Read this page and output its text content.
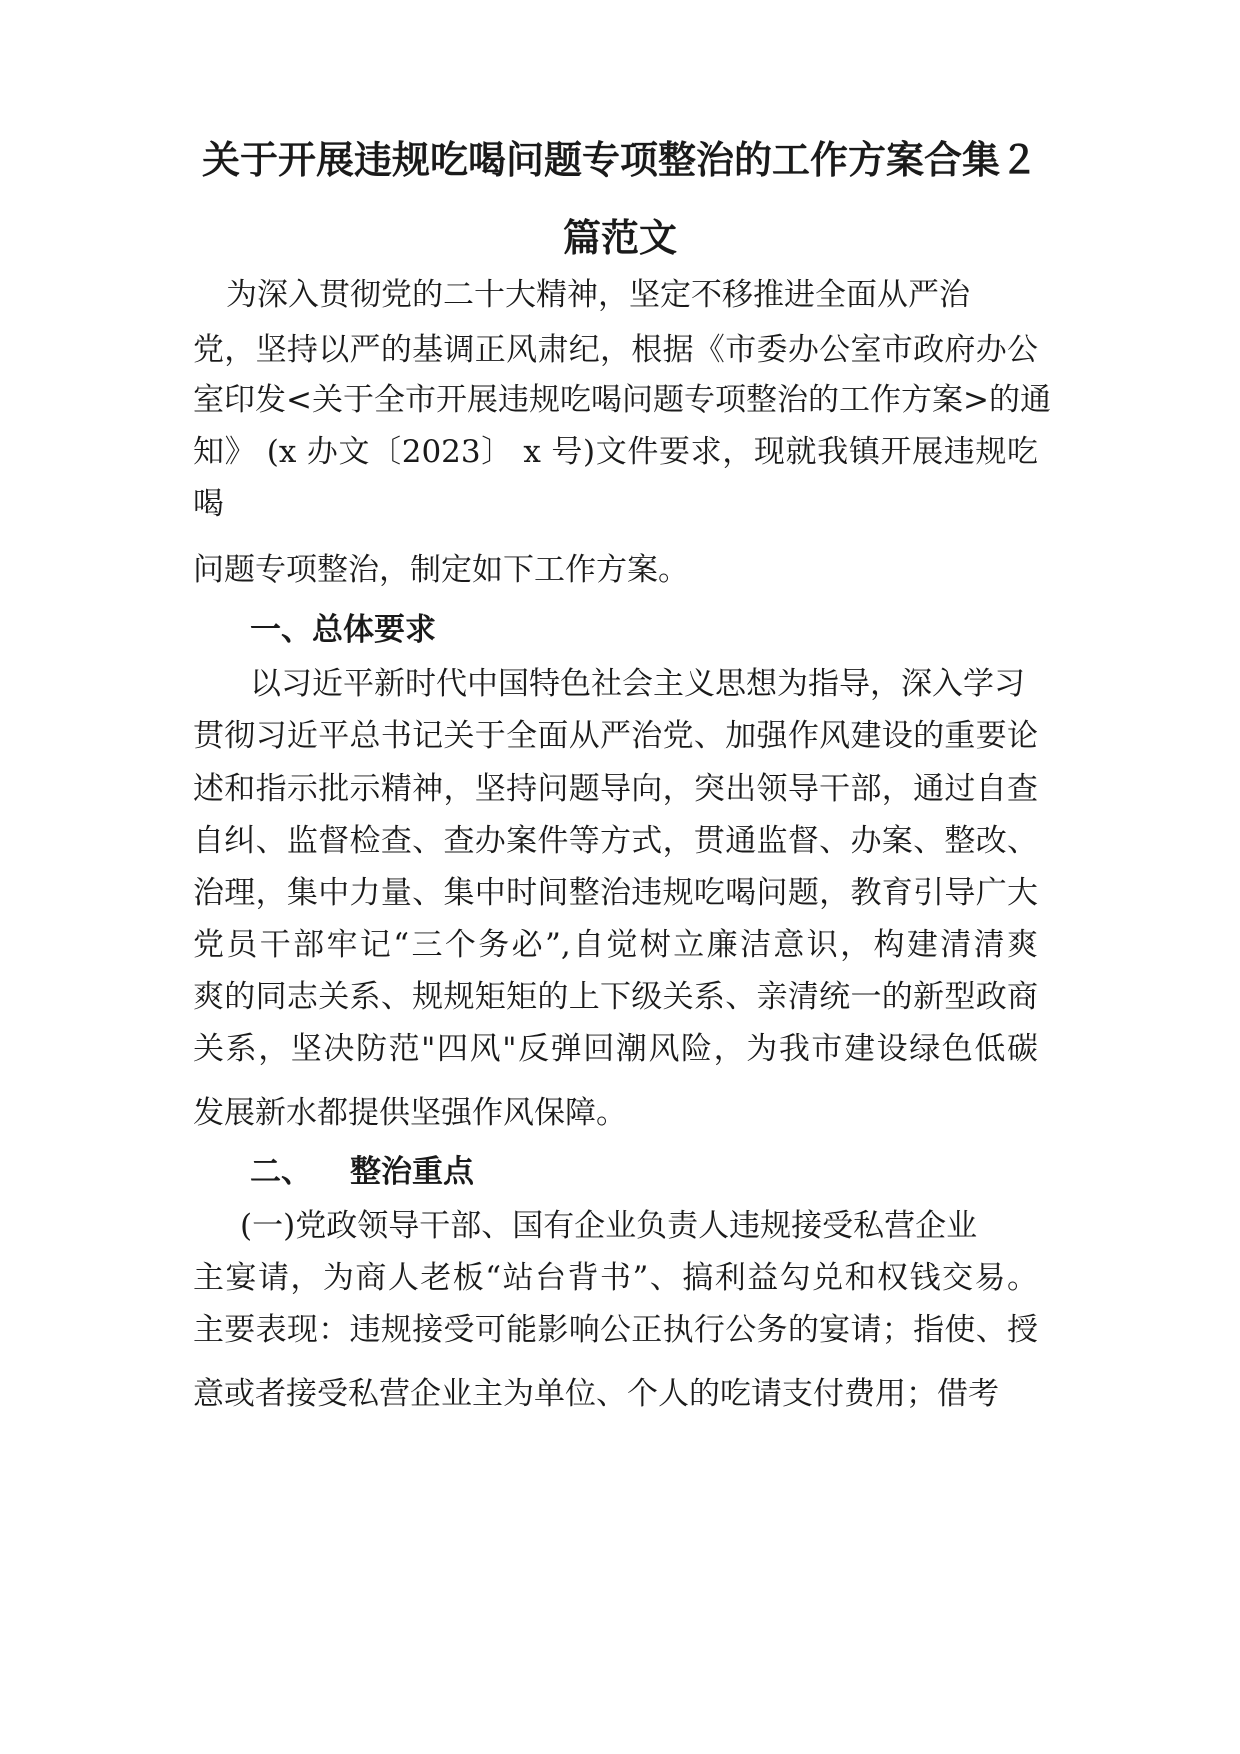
关于开展违规吃喝问题专项整治的工作方案合集２
篇范文
为深入贯彻党的二十大精神，坚定不移推进全面从严治
党，坚持以严的基调正风肃纪，根据《市委办公室市政府办公
室印发<关于全市开展违规吃喝问题专项整治的工作方案>的通
知》 (x 办文〔2023〕 x 号)文件要求，现就我镇开展违规吃
喝
问题专项整治，制定如下工作方案。
一、总体要求
以习近平新时代中国特色社会主义思想为指导，深入学习
贯彻习近平总书记关于全面从严治党、加强作风建设的重要论
述和指示批示精神，坚持问题导向，突出领导干部，通过自查
自纠、监督检查、查办案件等方式，贯通监督、办案、整改、
治理，集中力量、集中时间整治违规吃喝问题，教育引导广大
党员干部牢记“三个务必”,自觉树立廉洁意识，构建清清爽
爽的同志关系、规规矩矩的上下级关系、亲清统一的新型政商
关系，坚决防范"四风"反弹回潮风险，为我市建设绿色低碳
发展新水都提供坚强作风保障。
二、 整治重点
(一)党政领导干部、国有企业负责人违规接受私营企业
主宴请，为商人老板“站台背书”、搞利益勾兑和权钱交易。
主要表现：违规接受可能影响公正执行公务的宴请；指使、授
意或者接受私营企业主为单位、个人的吃请支付费用；借考
